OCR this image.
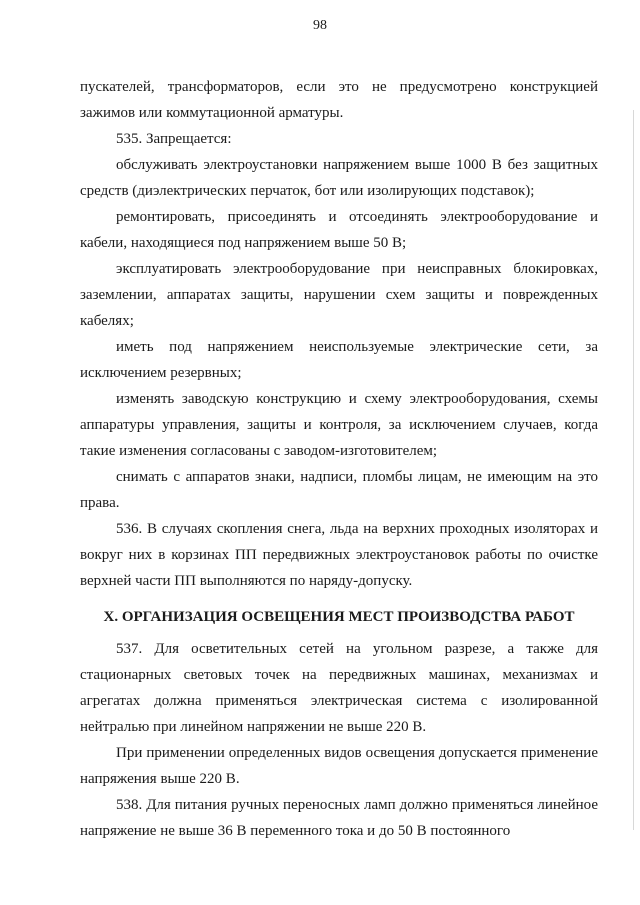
98

пускателей, трансформаторов, если это не предусмотрено конструкцией зажимов или коммутационной арматуры.

535. Запрещается:

обслуживать электроустановки напряжением выше 1000 В без защитных средств (диэлектрических перчаток, бот или изолирующих подставок);

ремонтировать, присоединять и отсоединять электрооборудование и кабели, находящиеся под напряжением выше 50 В;

эксплуатировать электрооборудование при неисправных блокировках, заземлении, аппаратах защиты, нарушении схем защиты и поврежденных кабелях;

иметь под напряжением неиспользуемые электрические сети, за исключением резервных;

изменять заводскую конструкцию и схему электрооборудования, схемы аппаратуры управления, защиты и контроля, за исключением случаев, когда такие изменения согласованы с заводом-изготовителем;

снимать с аппаратов знаки, надписи, пломбы лицам, не имеющим на это права.

536. В случаях скопления снега, льда на верхних проходных изоляторах и вокруг них в корзинах ПП передвижных электроустановок работы по очистке верхней части ПП выполняются по наряду-допуску.

X. ОРГАНИЗАЦИЯ ОСВЕЩЕНИЯ МЕСТ ПРОИЗВОДСТВА РАБОТ

537. Для осветительных сетей на угольном разрезе, а также для стационарных световых точек на передвижных машинах, механизмах и агрегатах должна применяться электрическая система с изолированной нейтралью при линейном напряжении не выше 220 В.

При применении определенных видов освещения допускается применение напряжения выше 220 В.

538. Для питания ручных переносных ламп должно применяться линейное напряжение не выше 36 В переменного тока и до 50 В постоянного
